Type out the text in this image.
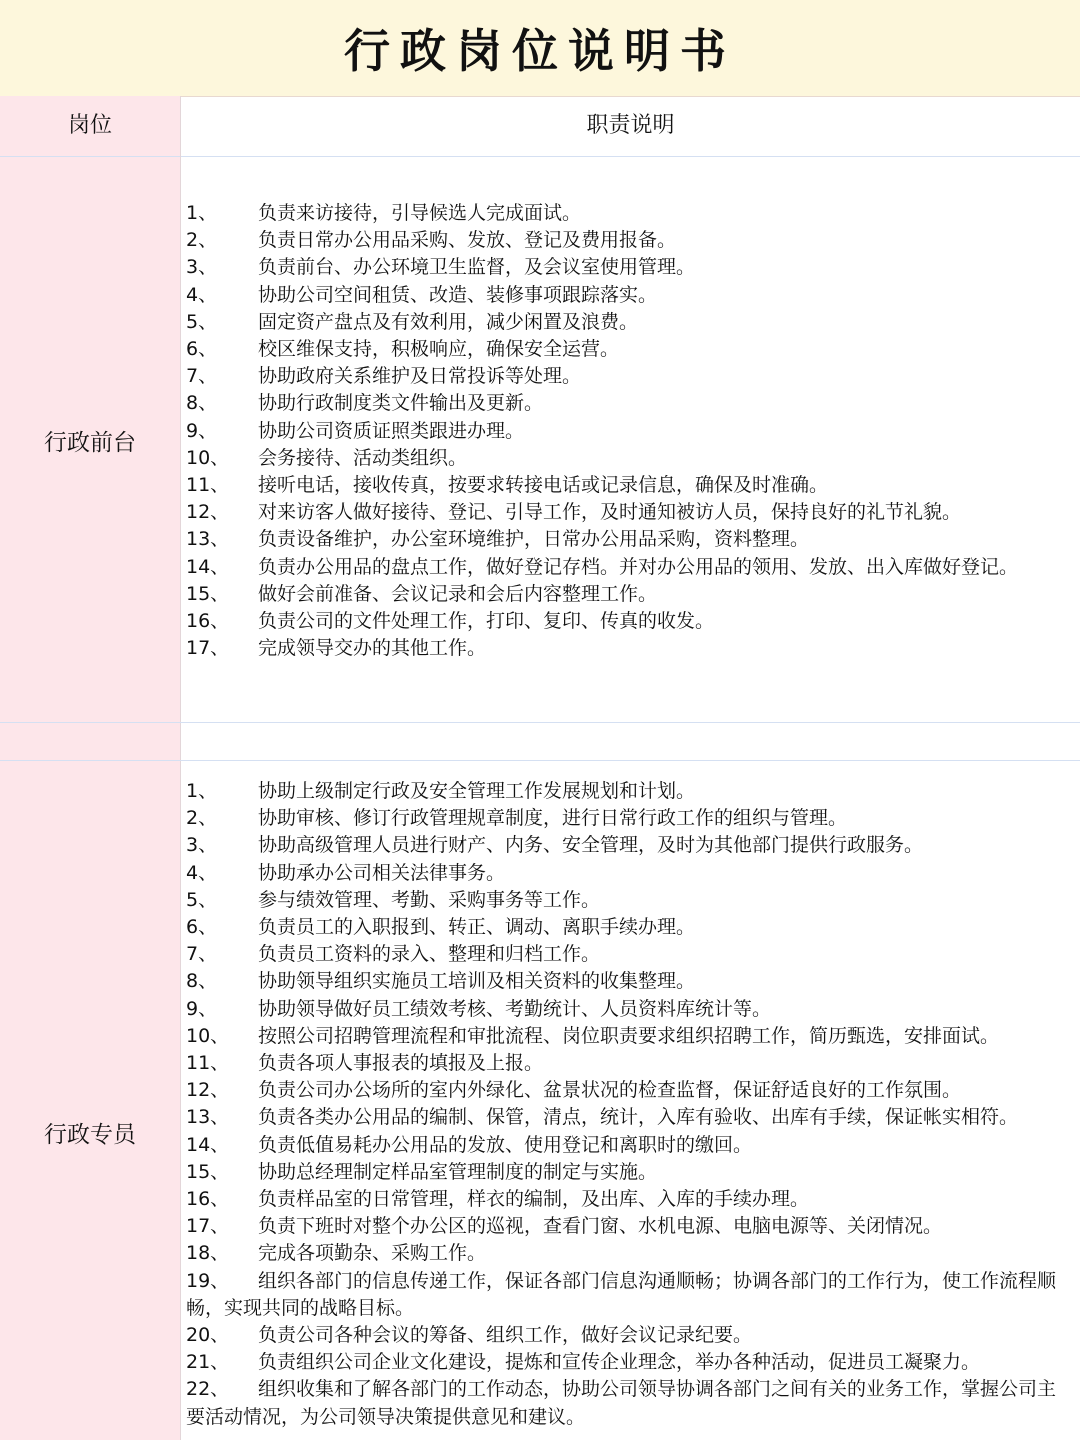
行政岗位说明书
岗位	职责说明
行政前台
1、	负责来访接待，引导候选人完成面试。
2、	负责日常办公用品采购、发放、登记及费用报备。
3、	负责前台、办公环境卫生监督，及会议室使用管理。
4、	协助公司空间租赁、改造、装修事项跟踪落实。
5、	固定资产盘点及有效利用，减少闲置及浪费。
6、	校区维保支持，积极响应，确保安全运营。
7、	协助政府关系维护及日常投诉等处理。
8、	协助行政制度类文件输出及更新。
9、	协助公司资质证照类跟进办理。
10、	会务接待、活动类组织。
11、	接听电话，接收传真，按要求转接电话或记录信息，确保及时准确。
12、	对来访客人做好接待、登记、引导工作，及时通知被访人员，保持良好的礼节礼貌。
13、	负责设备维护，办公室环境维护，日常办公用品采购，资料整理。
14、	负责办公用品的盘点工作，做好登记存档。并对办公用品的领用、发放、出入库做好登记。
15、	做好会前准备、会议记录和会后内容整理工作。
16、	负责公司的文件处理工作，打印、复印、传真的收发。
17、	完成领导交办的其他工作。
行政专员
1、	协助上级制定行政及安全管理工作发展规划和计划。
2、	协助审核、修订行政管理规章制度，进行日常行政工作的组织与管理。
3、	协助高级管理人员进行财产、内务、安全管理，及时为其他部门提供行政服务。
4、	协助承办公司相关法律事务。
5、	参与绩效管理、考勤、采购事务等工作。
6、	负责员工的入职报到、转正、调动、离职手续办理。
7、	负责员工资料的录入、整理和归档工作。
8、	协助领导组织实施员工培训及相关资料的收集整理。
9、	协助领导做好员工绩效考核、考勤统计、人员资料库统计等。
10、	按照公司招聘管理流程和审批流程、岗位职责要求组织招聘工作，简历甄选，安排面试。
11、	负责各项人事报表的填报及上报。
12、	负责公司办公场所的室内外绿化、盆景状况的检查监督，保证舒适良好的工作氛围。
13、	负责各类办公用品的编制、保管，清点，统计，入库有验收、出库有手续，保证帐实相符。
14、	负责低值易耗办公用品的发放、使用登记和离职时的缴回。
15、	协助总经理制定样品室管理制度的制定与实施。
16、	负责样品室的日常管理，样衣的编制，及出库、入库的手续办理。
17、	负责下班时对整个办公区的巡视，查看门窗、水机电源、电脑电源等、关闭情况。
18、	完成各项勤杂、采购工作。
19、	组织各部门的信息传递工作，保证各部门信息沟通顺畅；协调各部门的工作行为，使工作流程顺畅，实现共同的战略目标。
20、	负责公司各种会议的筹备、组织工作，做好会议记录纪要。
21、	负责组织公司企业文化建设，提炼和宣传企业理念，举办各种活动，促进员工凝聚力。
22、	组织收集和了解各部门的工作动态，协助公司领导协调各部门之间有关的业务工作，掌握公司主要活动情况，为公司领导决策提供意见和建议。
